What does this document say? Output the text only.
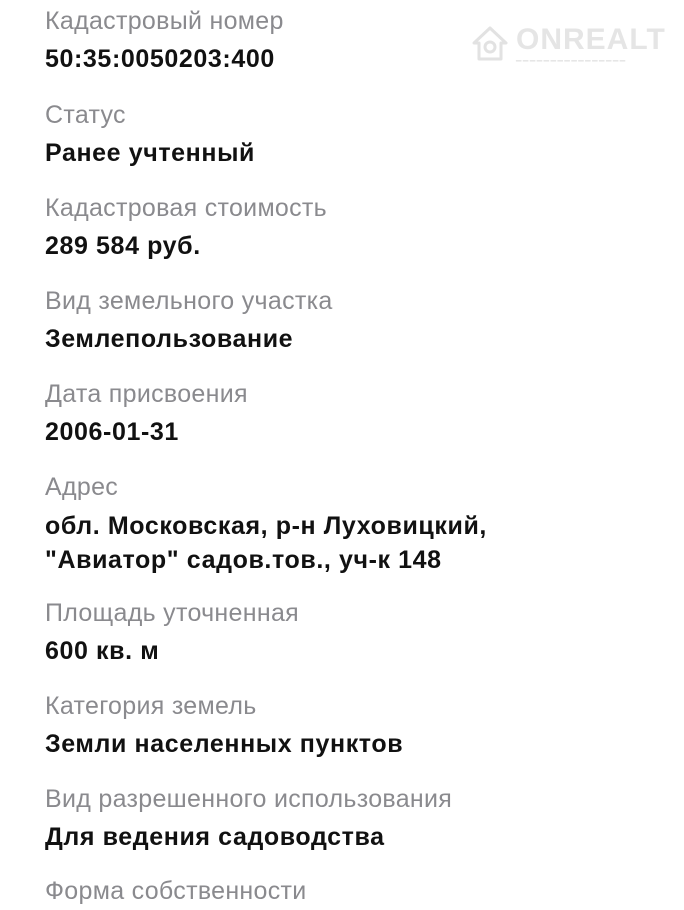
ONREALT
━━━━━━━━━━━━━━━━
Кадастровый номер
50:35:0050203:400
Статус
Ранее учтенный
Кадастровая стоимость
289 584 руб.
Вид земельного участка
Землепользование
Дата присвоения
2006-01-31
Адрес
обл. Московская, р-н Луховицкий,
"Авиатор" садов.тов., уч-к 148
Площадь уточненная
600 кв. м
Категория земель
Земли населенных пунктов
Вид разрешенного использования
Для ведения садоводства
Форма собственности
